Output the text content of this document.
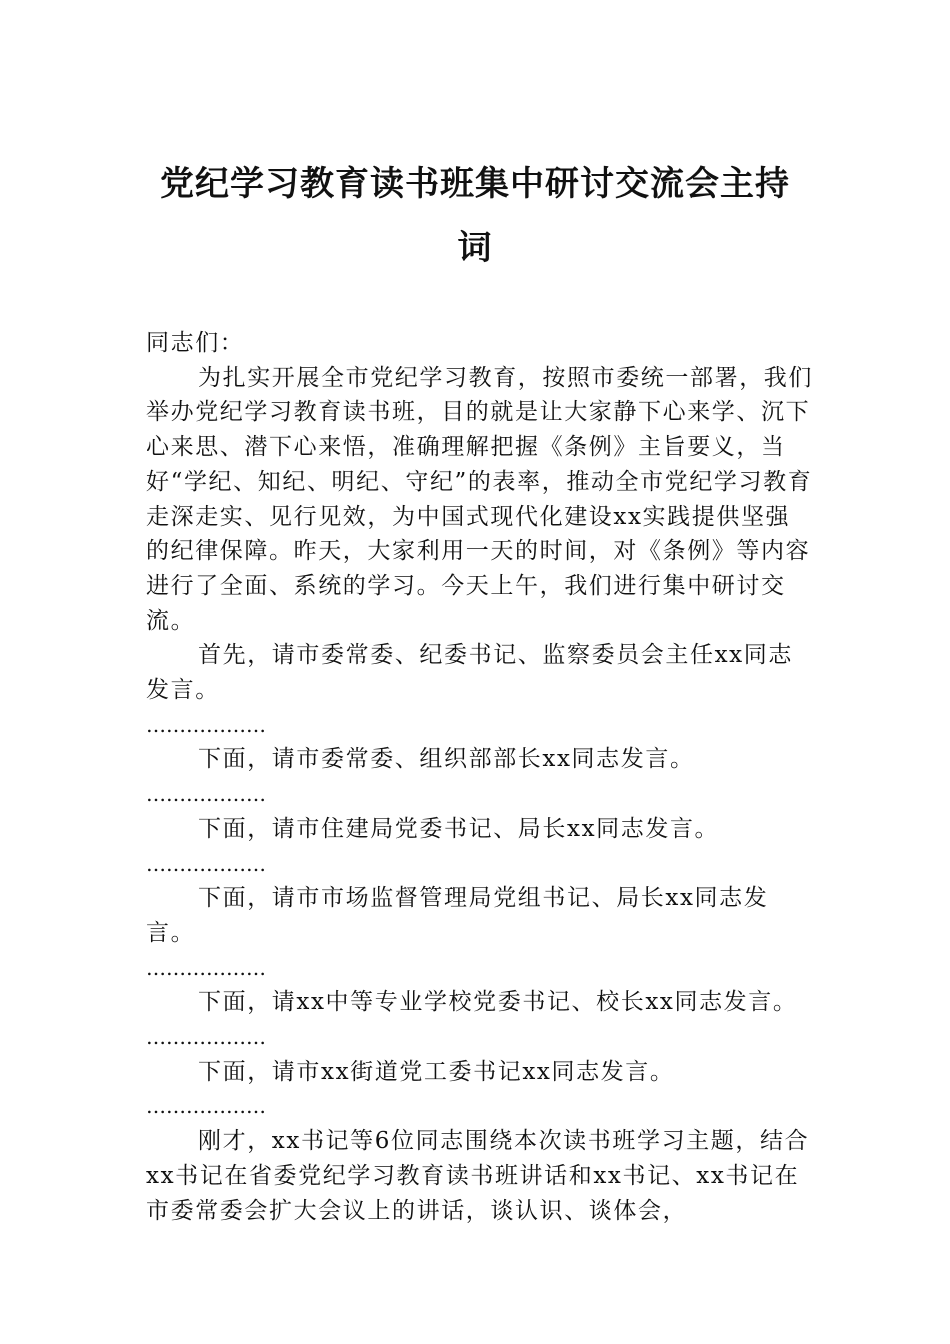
党纪学习教育读书班集中研讨交流会主持词

同志们：

为扎实开展全市党纪学习教育，按照市委统一部署，我们举办党纪学习教育读书班，目的就是让大家静下心来学、沉下心来思、潜下心来悟，准确理解把握《条例》主旨要义，当好“学纪、知纪、明纪、守纪”的表率，推动全市党纪学习教育走深走实、见行见效，为中国式现代化建设xx实践提供坚强的纪律保障。昨天，大家利用一天的时间，对《条例》等内容进行了全面、系统的学习。今天上午，我们进行集中研讨交流。

首先，请市委常委、纪委书记、监察委员会主任xx同志发言。

………………

下面，请市委常委、组织部部长xx同志发言。

………………

下面，请市住建局党委书记、局长xx同志发言。

………………

下面，请市市场监督管理局党组书记、局长xx同志发言。

………………

下面，请xx中等专业学校党委书记、校长xx同志发言。

………………

下面，请市xx街道党工委书记xx同志发言。

………………

刚才，xx书记等6位同志围绕本次读书班学习主题，结合xx书记在省委党纪学习教育读书班讲话和xx书记、xx书记在市委常委会扩大会议上的讲话，谈认识、谈体会，
